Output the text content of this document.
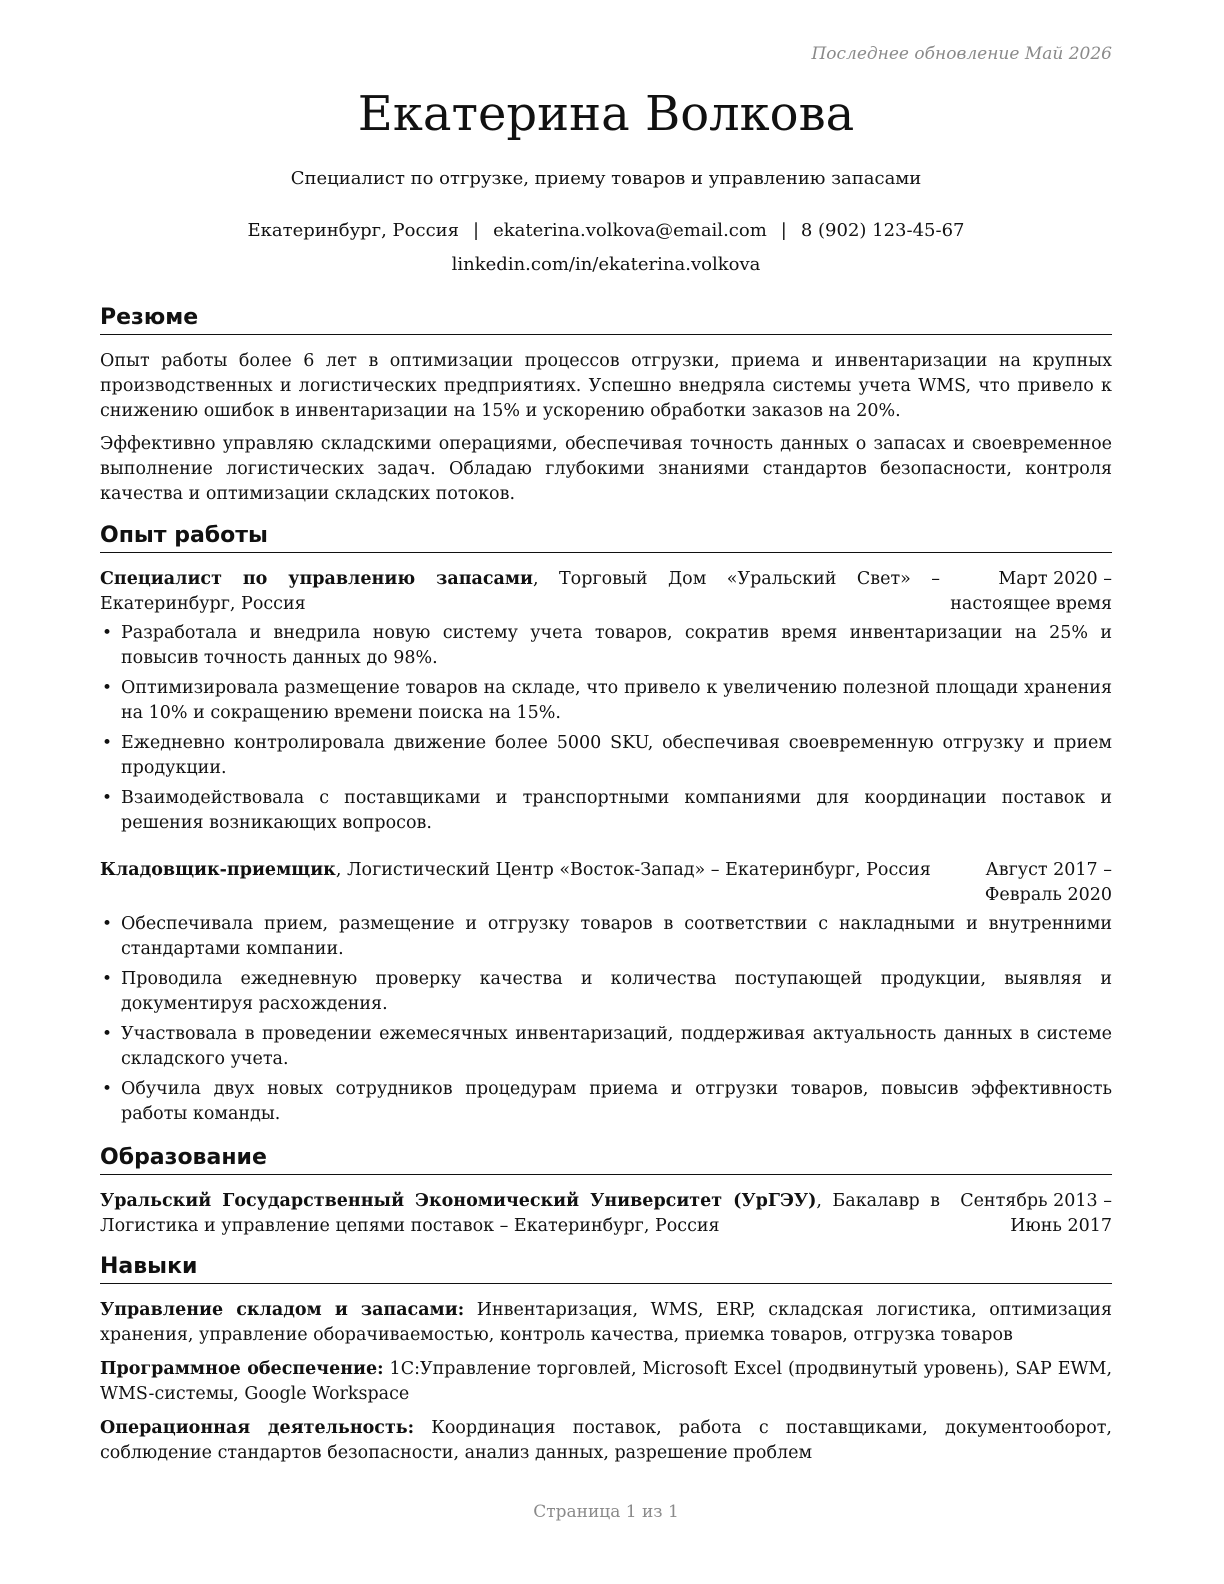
Последнее обновление Май 2026
Екатерина Волкова
Специалист по отгрузке, приему товаров и управлению запасами
Екатеринбург, Россия | ekaterina.volkova@email.com | 8 (902) 123-45-67
linkedin.com/in/ekaterina.volkova
Резюме

Опыт работы более 6 лет в оптимизации процессов отгрузки, приема и инвентаризации на крупных производственных и логистических предприятиях. Успешно внедряла системы учета WMS, что привело к снижению ошибок в инвентаризации на 15% и ускорению обработки заказов на 20%.

Эффективно управляю складскими операциями, обеспечивая точность данных о запасах и своевременное выполнение логистических задач. Обладаю глубокими знаниями стандартов безопасности, контроля качества и оптимизации складских потоков.

Опыт работы
Специалист по управлению запасами, Торговый Дом «Уральский Свет» – Екатеринбург, Россия
Март 2020 – настоящее время
• Разработала и внедрила новую систему учета товаров, сократив время инвентаризации на 25% и повысив точность данных до 98%.
• Оптимизировала размещение товаров на складе, что привело к увеличению полезной площади хранения на 10% и сокращению времени поиска на 15%.
• Ежедневно контролировала движение более 5000 SKU, обеспечивая своевременную отгрузку и прием продукции.
• Взаимодействовала с поставщиками и транспортными компаниями для координации поставок и решения возникающих вопросов.
Кладовщик-приемщик, Логистический Центр «Восток-Запад» – Екатеринбург, Россия	Август 2017 – Февраль 2020
• Обеспечивала прием, размещение и отгрузку товаров в соответствии с накладными и внутренними стандартами компании.
• Проводила ежедневную проверку качества и количества поступающей продукции, выявляя и документируя расхождения.
• Участвовала в проведении ежемесячных инвентаризаций, поддерживая актуальность данных в системе складского учета.
• Обучила двух новых сотрудников процедурам приема и отгрузки товаров, повысив эффективность работы команды.
Образование
Уральский Государственный Экономический Университет (УрГЭУ), Бакалавр в Логистика и управление цепями поставок – Екатеринбург, Россия
Сентябрь 2013 – Июнь 2017
Навыки

Управление складом и запасами: Инвентаризация, WMS, ERP, складская логистика, оптимизация хранения, управление оборачиваемостью, контроль качества, приемка товаров, отгрузка товаров

Программное обеспечение: 1С:Управление торговлей, Microsoft Excel (продвинутый уровень), SAP EWM, WMS-системы, Google Workspace

Операционная деятельность: Координация поставок, работа с поставщиками, документооборот, соблюдение стандартов безопасности, анализ данных, разрешение проблем

Страница 1 из 1
